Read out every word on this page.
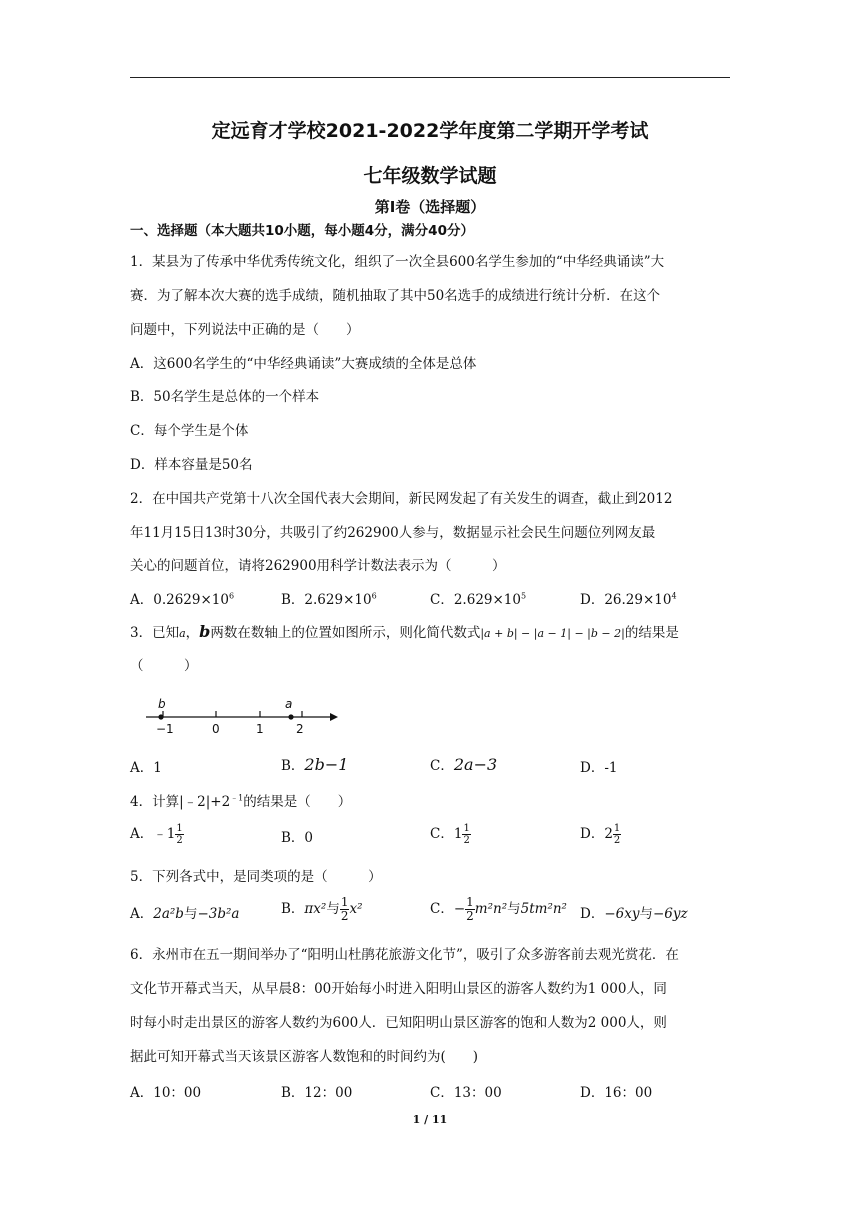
定远育才学校2021-2022学年度第二学期开学考试
七年级数学试题
第Ⅰ卷（选择题）
一、选择题（本大题共10小题，每小题4分，满分40分）
1．某县为了传承中华优秀传统文化，组织了一次全县600名学生参加的“中华经典诵读”大
赛．为了解本次大赛的选手成绩，随机抽取了其中50名选手的成绩进行统计分析．在这个
问题中，下列说法中正确的是（　　）
A．这600名学生的“中华经典诵读”大赛成绩的全体是总体
B．50名学生是总体的一个样本
C．每个学生是个体
D．样本容量是50名
2．在中国共产党第十八次全国代表大会期间，新民网发起了有关发生的调查，截止到2012
年11月15日13时30分，共吸引了约262900人参与，数据显示社会民生问题位列网友最
关心的问题首位，请将262900用科学计数法表示为（　　　）
A．$0.2629\times 10^6$	B．$2.629\times 10^6$	C．$2.629\times 10^5$	D．$26.29\times 10^4$
3．已知a，b两数在数轴上的位置如图所示，则化简代数式|a + b| − |a − 1| − |b − 2|的结果是
（　　　）
b	a
−1	0	1	2
A．1	B．2b−1	C．2a−3	D．-1
4．计算$|﹣2|+2^{﹣1}$的结果是（　　）
A．﹣1 $\frac{1}{2}$	B．0	C．$1 \frac{1}{2}$	D．$2 \frac{1}{2}$
5．下列各式中，是同类项的是（　　　）
A．2a²b与−3b²a	B．πx²与 $\frac{1}{2} x^2$	C．− $\frac{1}{2} m^2n^2$与5tm²n² D．−6xy与−6yz
6．永州市在五一期间举办了“阳明山杜鹃花旅游文化节”，吸引了众多游客前去观光赏花．在
文化节开幕式当天，从早晨8：00开始每小时进入阳明山景区的游客人数约为1 000人，同
时每小时走出景区的游客人数约为600人．已知阳明山景区游客的饱和人数为2 000人，则
据此可知开幕式当天该景区游客人数饱和的时间约为(　　)
A．10：00	B．12：00	C．13：00	D．16：00
1 / 11
